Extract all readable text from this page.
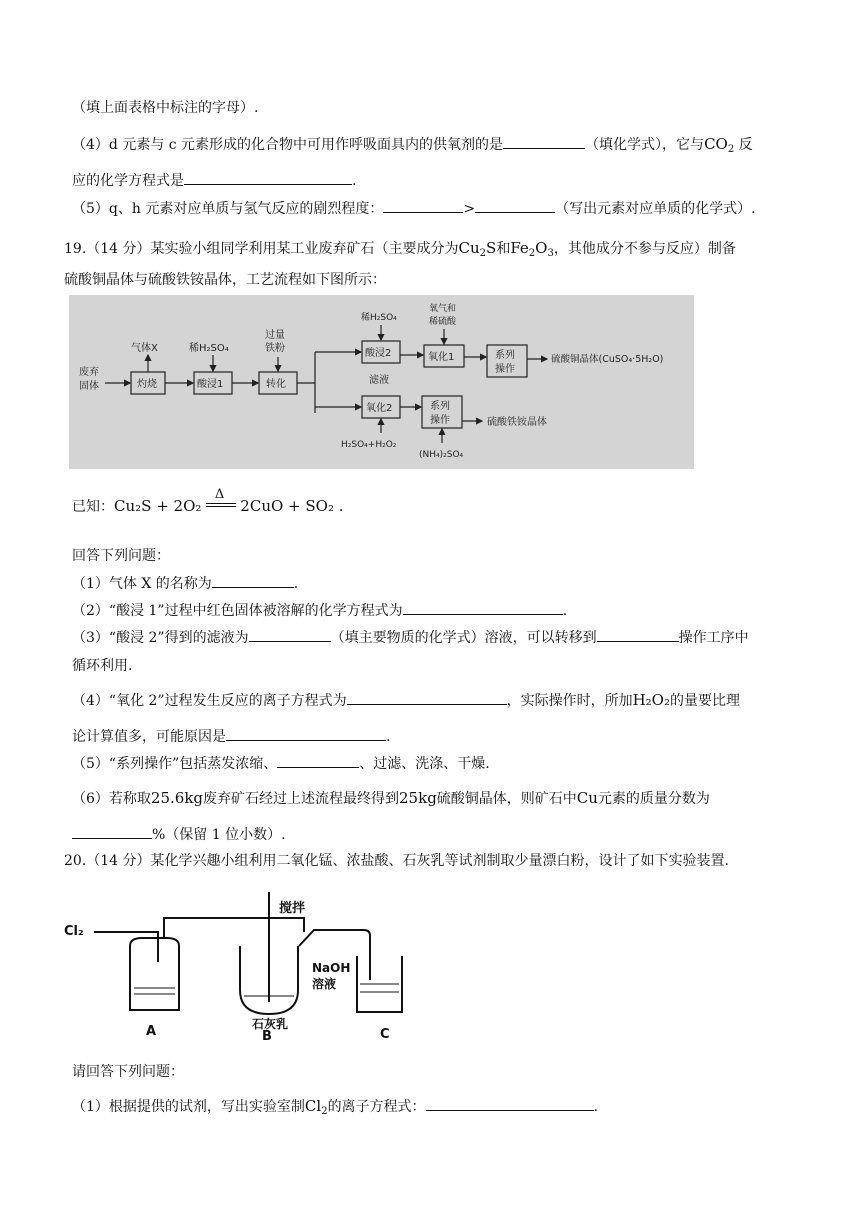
（填上面表格中标注的字母）.
（4）d 元素与 c 元素形成的化合物中可用作呼吸面具内的供氧剂的是	（填化学式），它与$CO_2$ 反
应的化学方程式是	.
（5）q、h 元素对应单质与氢气反应的剧烈程度：	>	（写出元素对应单质的化学式）.
19.（14 分）某实验小组同学利用某工业废弃矿石（主要成分为$Cu_2S$和$Fe_2O_3$，其他成分不参与反应）制备
硫酸铜晶体与硫酸铁铵晶体，工艺流程如下图所示：
废弃
固体
气体X	稀H₂SO₄
过量
铁粉
灼烧	酸浸1	转化
酸浸2
稀H₂SO₄
氧气和
稀硫酸
氧化1	系列
操作
硫酸铜晶体(CuSO₄·5H₂O)
滤液
氧化2	系列
操作	硫酸铁铵晶体
H₂SO₄+H₂O₂
(NH₄)₂SO₄
已知：Cu₂S + 2O₂
Δ
2CuO + SO₂ .
回答下列问题：
（1）气体 X 的名称为	.
（2）“酸浸 1”过程中红色固体被溶解的化学方程式为	.
（3）“酸浸 2”得到的滤液为	（填主要物质的化学式）溶液，可以转移到	操作工序中
循环利用.
（4）“氧化 2”过程发生反应的离子方程式为	，实际操作时，所加H₂O₂的量要比理
论计算值多，可能原因是	.
（5）“系列操作”包括蒸发浓缩、	、过滤、洗涤、干燥.
（6）若称取25.6kg废弃矿石经过上述流程最终得到25kg硫酸铜晶体，则矿石中Cu元素的质量分数为
%（保留 1 位小数）.
20.（14 分）某化学兴趣小组利用二氧化锰、浓盐酸、石灰乳等试剂制取少量漂白粉，设计了如下实验装置.
Cl₂
搅拌
NaOH
溶液
石灰乳
A	B	C
请回答下列问题：
（1）根据提供的试剂，写出实验室制$Cl_2$的离子方程式：	.
